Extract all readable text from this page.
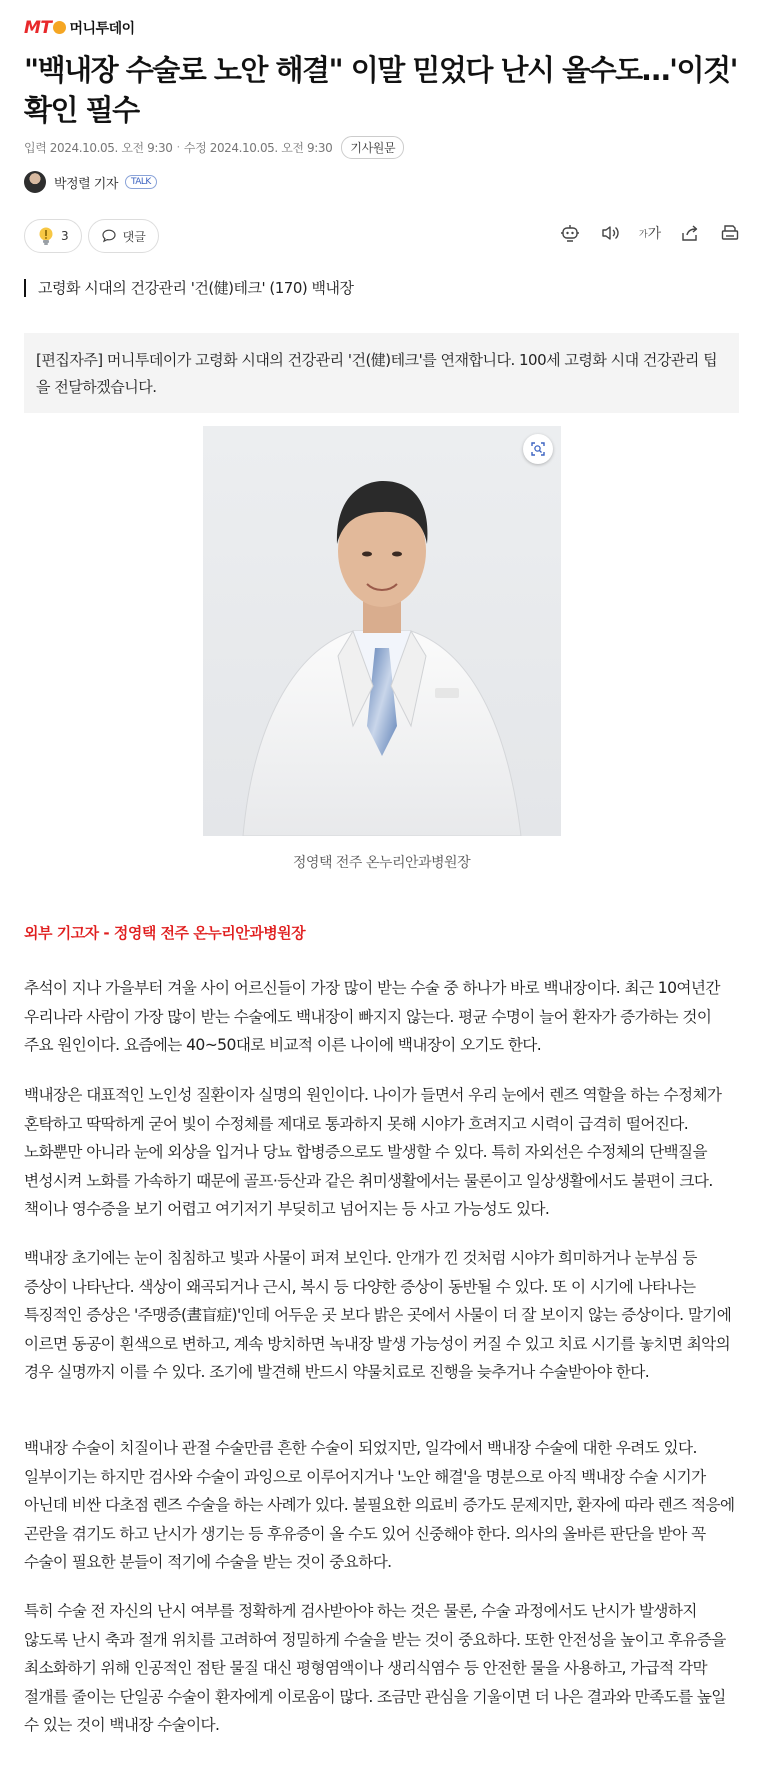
MT	머니투데이
"백내장 수술로 노안 해결" 이말 믿었다 난시 올수도…'이것' 확인 필수
입력 2024.10.05. 오전 9:30 · 수정 2024.10.05. 오전 9:30	기사원문
박정렬 기자	TALK
3	댓글	가 가
고령화 시대의 건강관리 '건(健)테크' (170) 백내장
[편집자주] 머니투데이가 고령화 시대의 건강관리 '건(健)테크'를 연재합니다. 100세 고령화 시대 건강관리 팁을 전달하겠습니다.
정영택 전주 온누리안과병원장
외부 기고자 - 정영택 전주 온누리안과병원장

추석이 지나 가을부터 겨울 사이 어르신들이 가장 많이 받는 수술 중 하나가 바로 백내장이다. 최근 10여년간 우리나라 사람이 가장 많이 받는 수술에도 백내장이 빠지지 않는다. 평균 수명이 늘어 환자가 증가하는 것이 주요 원인이다. 요즘에는 40~50대로 비교적 이른 나이에 백내장이 오기도 한다.

백내장은 대표적인 노인성 질환이자 실명의 원인이다. 나이가 들면서 우리 눈에서 렌즈 역할을 하는 수정체가 혼탁하고 딱딱하게 굳어 빛이 수정체를 제대로 통과하지 못해 시야가 흐려지고 시력이 급격히 떨어진다. 노화뿐만 아니라 눈에 외상을 입거나 당뇨 합병증으로도 발생할 수 있다. 특히 자외선은 수정체의 단백질을 변성시켜 노화를 가속하기 때문에 골프·등산과 같은 취미생활에서는 물론이고 일상생활에서도 불편이 크다. 책이나 영수증을 보기 어렵고 여기저기 부딪히고 넘어지는 등 사고 가능성도 있다.

백내장 초기에는 눈이 침침하고 빛과 사물이 퍼져 보인다. 안개가 낀 것처럼 시야가 희미하거나 눈부심 등 증상이 나타난다. 색상이 왜곡되거나 근시, 복시 등 다양한 증상이 동반될 수 있다. 또 이 시기에 나타나는 특징적인 증상은 '주맹증(晝盲症)'인데 어두운 곳 보다 밝은 곳에서 사물이 더 잘 보이지 않는 증상이다. 말기에 이르면 동공이 흰색으로 변하고, 계속 방치하면 녹내장 발생 가능성이 커질 수 있고 치료 시기를 놓치면 최악의 경우 실명까지 이를 수 있다. 조기에 발견해 반드시 약물치료로 진행을 늦추거나 수술받아야 한다.

백내장 수술이 치질이나 관절 수술만큼 흔한 수술이 되었지만, 일각에서 백내장 수술에 대한 우려도 있다. 일부이기는 하지만 검사와 수술이 과잉으로 이루어지거나 '노안 해결'을 명분으로 아직 백내장 수술 시기가 아닌데 비싼 다초점 렌즈 수술을 하는 사례가 있다. 불필요한 의료비 증가도 문제지만, 환자에 따라 렌즈 적응에 곤란을 겪기도 하고 난시가 생기는 등 후유증이 올 수도 있어 신중해야 한다. 의사의 올바른 판단을 받아 꼭 수술이 필요한 분들이 적기에 수술을 받는 것이 중요하다.

특히 수술 전 자신의 난시 여부를 정확하게 검사받아야 하는 것은 물론, 수술 과정에서도 난시가 발생하지 않도록 난시 축과 절개 위치를 고려하여 정밀하게 수술을 받는 것이 중요하다. 또한 안전성을 높이고 후유증을 최소화하기 위해 인공적인 점탄 물질 대신 평형염액이나 생리식염수 등 안전한 물을 사용하고, 가급적 각막 절개를 줄이는 단일공 수술이 환자에게 이로움이 많다. 조금만 관심을 기울이면 더 나은 결과와 만족도를 높일 수 있는 것이 백내장 수술이다.
